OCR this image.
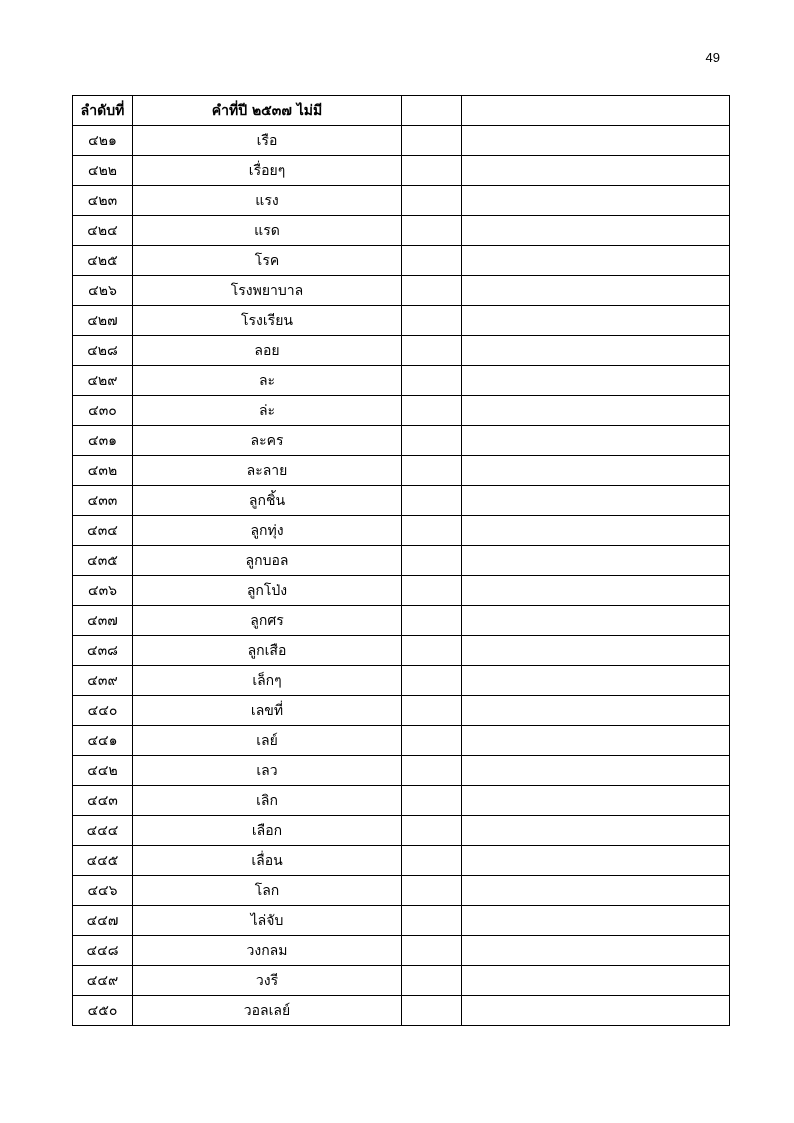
49
ลำดับที่	คำที่ปี ๒๕๓๗ ไม่มี		
๔๒๑	เรือ		
๔๒๒	เรื่อยๆ		
๔๒๓	แรง		
๔๒๔	แรด		
๔๒๕	โรค		
๔๒๖	โรงพยาบาล		
๔๒๗	โรงเรียน		
๔๒๘	ลอย		
๔๒๙	ละ		
๔๓๐	ล่ะ		
๔๓๑	ละคร		
๔๓๒	ละลาย		
๔๓๓	ลูกชิ้น		
๔๓๔	ลูกทุ่ง		
๔๓๕	ลูกบอล		
๔๓๖	ลูกโป่ง		
๔๓๗	ลูกศร		
๔๓๘	ลูกเสือ		
๔๓๙	เล็กๆ		
๔๔๐	เลขที่		
๔๔๑	เลย์		
๔๔๒	เลว		
๔๔๓	เลิก		
๔๔๔	เลือก		
๔๔๕	เลื่อน		
๔๔๖	โลก		
๔๔๗	ไล่จับ		
๔๔๘	วงกลม		
๔๔๙	วงรี		
๔๕๐	วอลเลย์		
